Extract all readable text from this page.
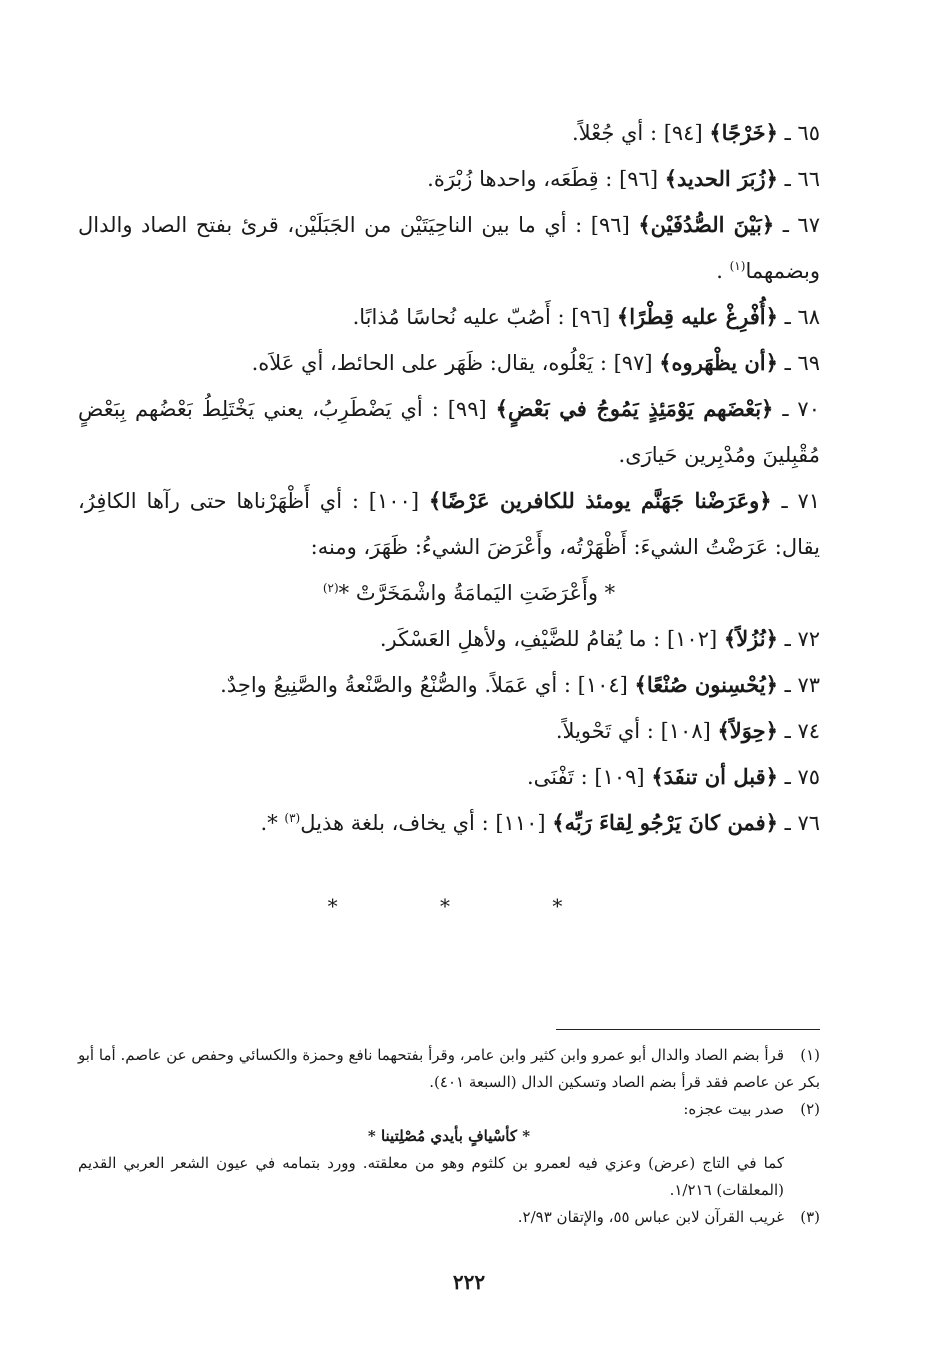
٦٥ ـ ﴿خَرْجًا﴾ [٩٤] : أي جُعْلاً.

٦٦ ـ ﴿زُبَرَ الحديد﴾ [٩٦] : قِطَعَه، واحدها زُبْرَة.

٦٧ ـ ﴿بَيْنَ الصُّدُفَيْن﴾ [٩٦] : أي ما بين الناحِيَتَيْن من الجَبَلَيْن، قرئ بفتح الصاد والدال وبضمهما$^{(١)}$ .

٦٨ ـ ﴿أُفْرِغْ عليه قِطْرًا﴾ [٩٦] : أَصُبّ عليه نُحاسًا مُذابًا.

٦٩ ـ ﴿أن يظْهَروه﴾ [٩٧] : يَعْلُوه، يقال: ظَهَر على الحائط، أي عَلاَه.

٧٠ ـ ﴿بَعْضَهم يَوْمَئِذٍ يَمُوجُ في بَعْضٍ﴾ [٩٩] : أي يَضْطَرِبُ، يعني يَخْتَلِطُ بَعْضُهم بِبَعْضٍ مُقْبِلينَ ومُدْبِرين حَيارَى.

٧١ ـ ﴿وعَرَضْنا جَهَنَّم يومئذ للكافرين عَرْضًا﴾ [١٠٠] : أي أَظْهَرْناها حتى رآها الكافِرُ، يقال: عَرَضْتُ الشيءَ: أَظْهَرْتُه، وأَعْرَضَ الشيءُ: ظَهَرَ، ومنه:

* وأَعْرَضَتِ اليَمامَةُ واشْمَخَرَّتْ *$^{(٢)}$

٧٢ ـ ﴿نُزُلاً﴾ [١٠٢] : ما يُقامُ للضَّيْفِ، ولأهلِ العَسْكَر.

٧٣ ـ ﴿يُحْسِنون صُنْعًا﴾ [١٠٤] : أي عَمَلاً. والصُّنْعُ والصَّنْعةُ والصَّنِيعُ واحِدٌ.

٧٤ ـ ﴿حِوَلاً﴾ [١٠٨] : أي تَحْويلاً.

٧٥ ـ ﴿قبل أن تنفَدَ﴾ [١٠٩] : تَفْنَى.

٧٦ ـ ﴿فمن كانَ يَرْجُو لِقاءَ رَبِّه﴾ [١١٠] : أي يخاف، بلغة هذيل$^{(٣)}$ *.

* * *

(١)قرأ بضم الصاد والدال أبو عمرو وابن كثير وابن عامر، وقرأ بفتحهما نافع وحمزة والكسائي وحفص عن عاصم. أما أبو بكر عن عاصم فقد قرأ بضم الصاد وتسكين الدال (السبعة ٤٠١).

(٢)صدر بيت عجزه:

* كأسْيافٍ بأيدي مُصْلِتينا *

كما في التاج (عرض) وعزي فيه لعمرو بن كلثوم وهو من معلقته. وورد بتمامه في عيون الشعر العربي القديم (المعلقات) ١/٢١٦.

(٣)غريب القرآن لابن عباس ٥٥، والإتقان ٢/٩٣.

٢٢٢
